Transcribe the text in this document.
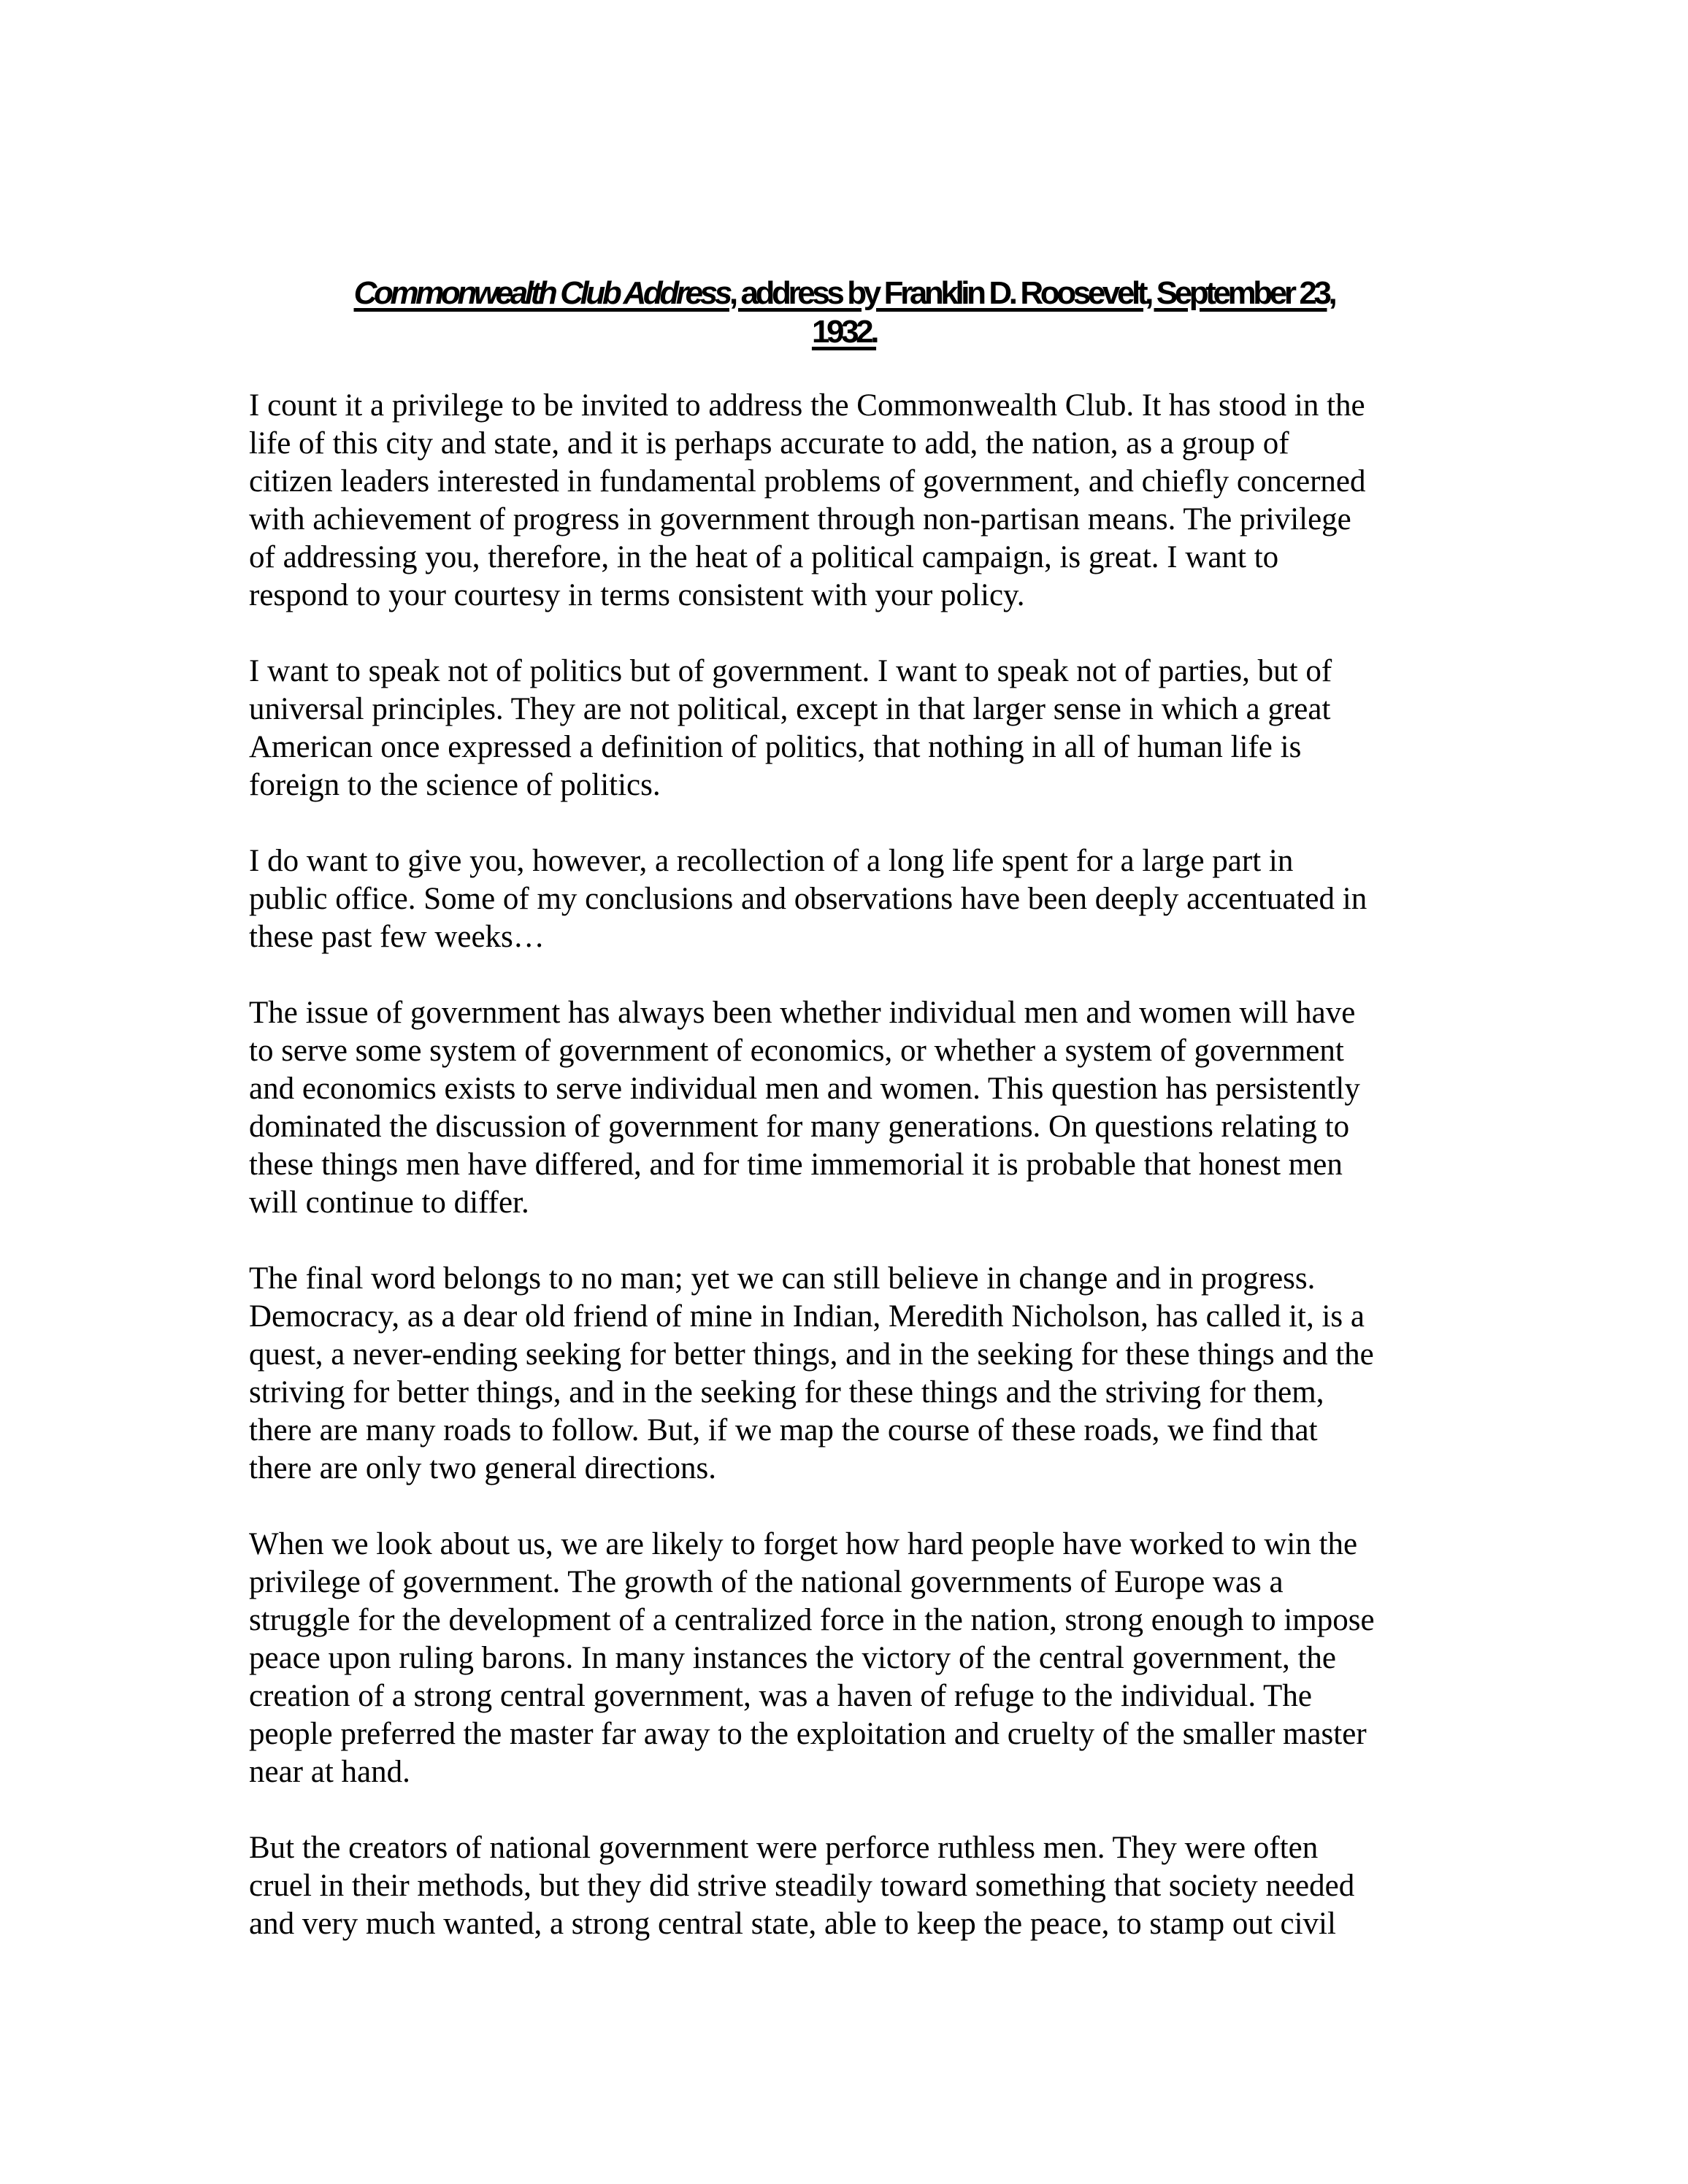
Commonwealth Club Address, address by Franklin D. Roosevelt, September 23,
1932.
I count it a privilege to be invited to address the Commonwealth Club. It has stood in the
life of this city and state, and it is perhaps accurate to add, the nation, as a group of
citizen leaders interested in fundamental problems of government, and chiefly concerned
with achievement of progress in government through non-partisan means. The privilege
of addressing you, therefore, in the heat of a political campaign, is great. I want to
respond to your courtesy in terms consistent with your policy.
I want to speak not of politics but of government. I want to speak not of parties, but of
universal principles. They are not political, except in that larger sense in which a great
American once expressed a definition of politics, that nothing in all of human life is
foreign to the science of politics.
I do want to give you, however, a recollection of a long life spent for a large part in
public office. Some of my conclusions and observations have been deeply accentuated in
these past few weeks…
The issue of government has always been whether individual men and women will have
to serve some system of government of economics, or whether a system of government
and economics exists to serve individual men and women. This question has persistently
dominated the discussion of government for many generations. On questions relating to
these things men have differed, and for time immemorial it is probable that honest men
will continue to differ.
The final word belongs to no man; yet we can still believe in change and in progress.
Democracy, as a dear old friend of mine in Indian, Meredith Nicholson, has called it, is a
quest, a never-ending seeking for better things, and in the seeking for these things and the
striving for better things, and in the seeking for these things and the striving for them,
there are many roads to follow. But, if we map the course of these roads, we find that
there are only two general directions.
When we look about us, we are likely to forget how hard people have worked to win the
privilege of government. The growth of the national governments of Europe was a
struggle for the development of a centralized force in the nation, strong enough to impose
peace upon ruling barons. In many instances the victory of the central government, the
creation of a strong central government, was a haven of refuge to the individual. The
people preferred the master far away to the exploitation and cruelty of the smaller master
near at hand.
But the creators of national government were perforce ruthless men. They were often
cruel in their methods, but they did strive steadily toward something that society needed
and very much wanted, a strong central state, able to keep the peace, to stamp out civil
